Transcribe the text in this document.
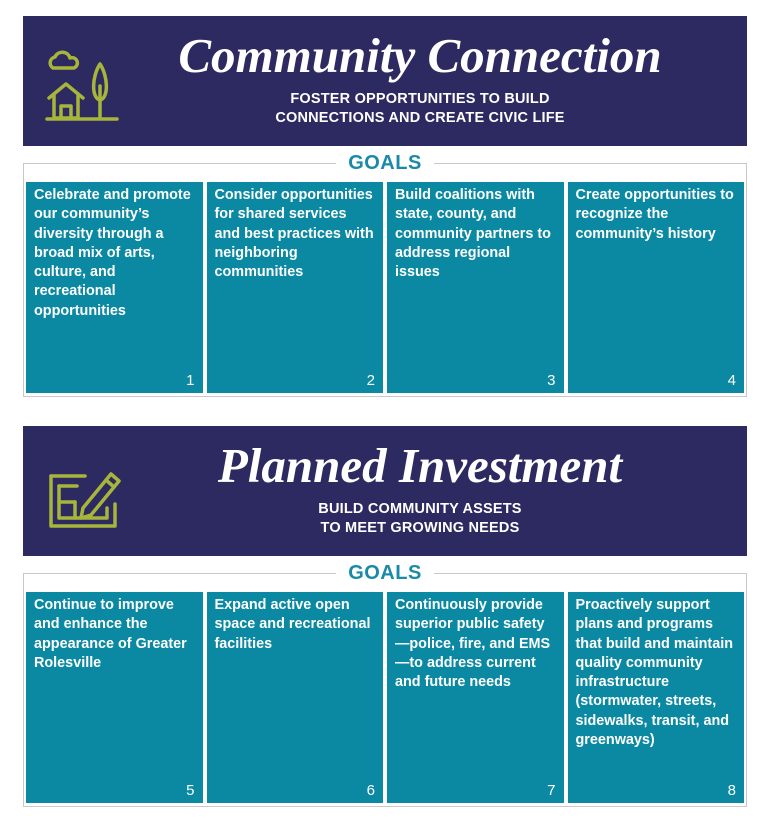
Community Connection
FOSTER OPPORTUNITIES TO BUILD
CONNECTIONS AND CREATE CIVIC LIFE
GOALS
Celebrate and promote our community’s diversity through a broad mix of arts, culture, and recreational opportunities
1
Consider opportunities for shared services and best practices with neighboring communities
2
Build coalitions with state, county, and community partners to address regional issues
3
Create opportunities to recognize the community’s history
4
Planned Investment
BUILD COMMUNITY ASSETS
TO MEET GROWING NEEDS
GOALS
Continue to improve and enhance the appearance of Greater Rolesville
5
Expand active open space and recreational facilities
6
Continuously provide superior public safety—police, fire, and EMS—to address current and future needs
7
Proactively support plans and programs that build and maintain quality community infrastructure (stormwater, streets, sidewalks, transit, and greenways)
8
